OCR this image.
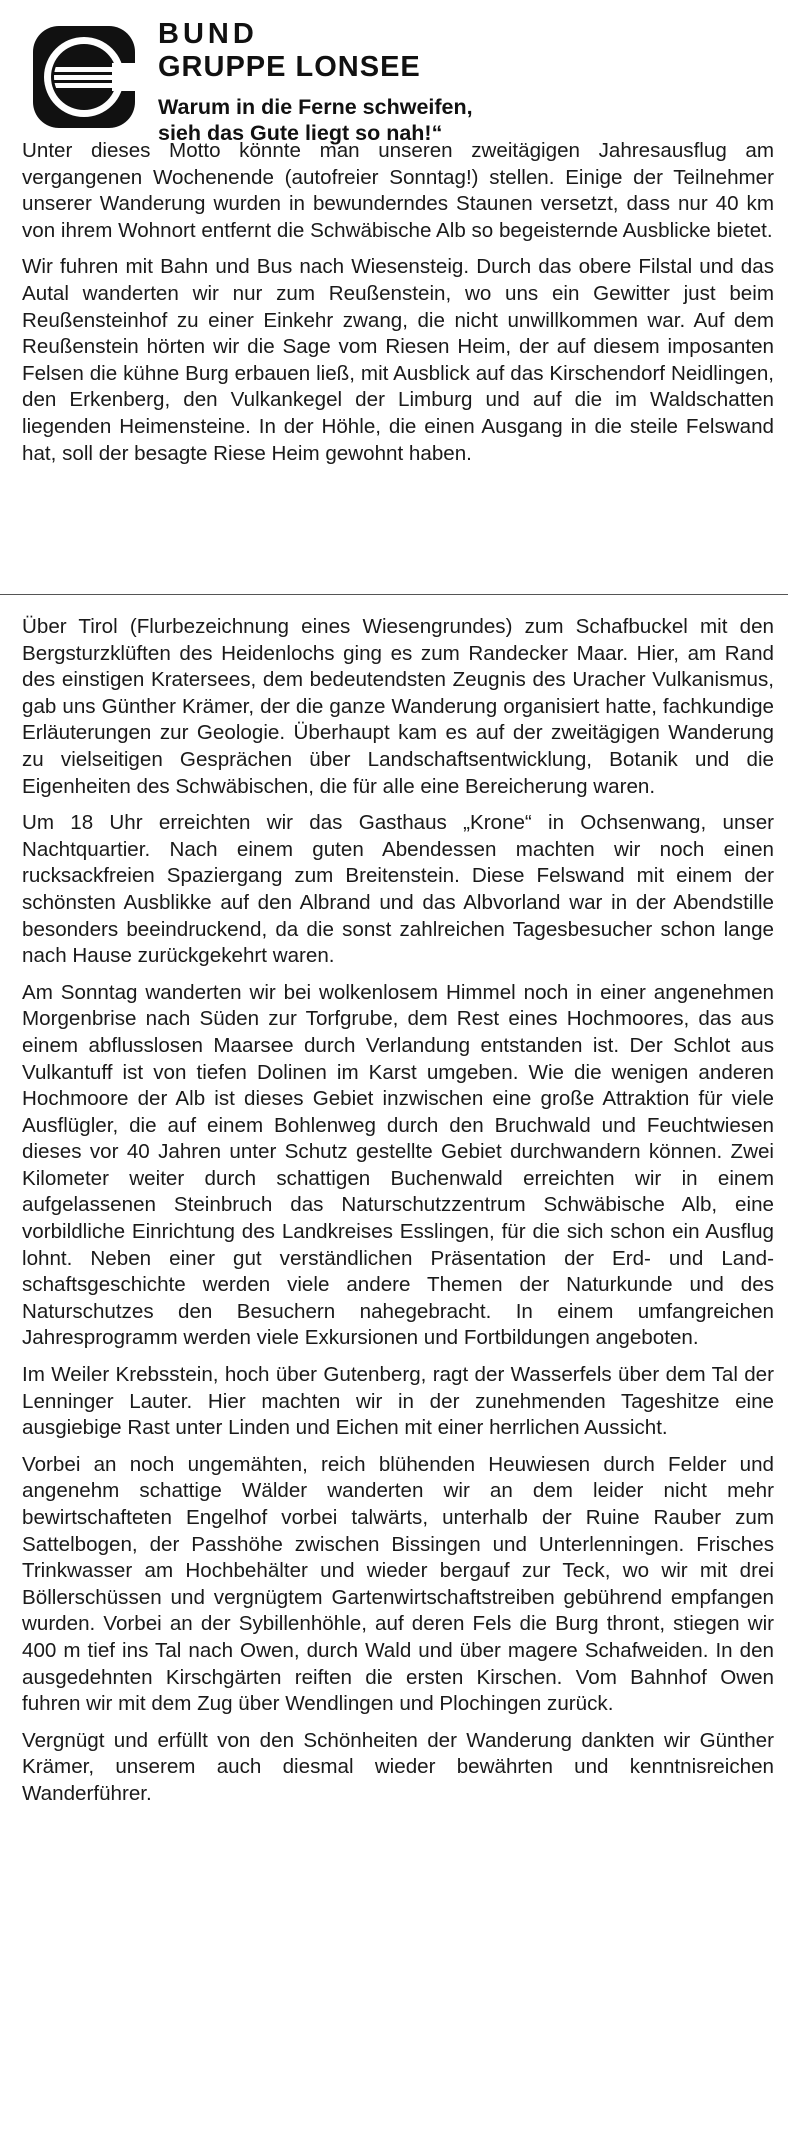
BUND
GRUPPE LONSEE
Warum in die Ferne schweifen,
sieh das Gute liegt so nah!“

Unter dieses Motto könnte man unseren zweitägigen Jahresausflug am vergangenen Wochenende (autofreier Sonntag!) stellen. Einige der Teilnehmer unserer Wanderung wurden in bewunderndes Staunen versetzt, dass nur 40 km von ihrem Wohnort entfernt die Schwäbische Alb so begeisternde Ausblicke bietet.

Wir fuhren mit Bahn und Bus nach Wiesensteig. Durch das obere Filstal und das Autal wanderten wir nur zum Reußenstein, wo uns ein Gewitter just beim Reußensteinhof zu einer Einkehr zwang, die nicht unwillkommen war. Auf dem Reußenstein hörten wir die Sage vom Riesen Heim, der auf diesem imposanten Felsen die kühne Burg erbauen ließ, mit Ausblick auf das Kirschendorf Neidlingen, den Erkenberg, den Vulkankegel der Limburg und auf die im Waldschatten liegenden Heimensteine. In der Höhle, die einen Ausgang in die steile Felswand hat, soll der besagte Riese Heim gewohnt haben.

Über Tirol (Flurbezeichnung eines Wiesengrundes) zum Schafbuckel mit den Bergsturzklüften des Heidenlochs ging es zum Randecker Maar. Hier, am Rand des einstigen Kratersees, dem bedeutendsten Zeugnis des Uracher Vulkanismus, gab uns Günther Krämer, der die ganze Wanderung organisiert hatte, fachkundige Erläuterungen zur Geologie. Überhaupt kam es auf der zweitägigen Wanderung zu vielseitigen Gesprächen über Landschaftsentwicklung, Botanik und die Eigenheiten des Schwäbischen, die für alle eine Bereicherung waren.

Um 18 Uhr erreichten wir das Gasthaus „Krone“ in Ochsenwang, unser Nachtquartier. Nach einem guten Abendessen machten wir noch einen rucksackfreien Spaziergang zum Breitenstein. Diese Felswand mit einem der schönsten Ausblikke auf den Albrand und das Albvorland war in der Abendstille besonders beeindruckend, da die sonst zahlreichen Tagesbesucher schon lange nach Hause zurückgekehrt waren.

Am Sonntag wanderten wir bei wolkenlosem Himmel noch in einer angenehmen Morgenbrise nach Süden zur Torfgrube, dem Rest eines Hochmoores, das aus einem abflusslosen Maarsee durch Verlandung entstanden ist. Der Schlot aus Vulkantuff ist von tiefen Dolinen im Karst umgeben. Wie die wenigen anderen Hochmoore der Alb ist dieses Gebiet inzwischen eine große Attraktion für viele Ausflügler, die auf einem Bohlenweg durch den Bruchwald und Feuchtwiesen dieses vor 40 Jahren unter Schutz gestellte Gebiet durchwandern können. Zwei Kilometer weiter durch schattigen Buchenwald erreichten wir in einem aufgelassenen Steinbruch das Naturschutzzentrum Schwäbische Alb, eine vorbildliche Einrichtung des Landkreises Esslingen, für die sich schon ein Ausflug lohnt. Neben einer gut verständlichen Präsentation der Erd- und Landschaftsgeschichte werden viele andere Themen der Naturkunde und des Naturschutzes den Besuchern nahegebracht. In einem umfangreichen Jahresprogramm werden viele Exkursionen und Fortbildungen angeboten.

Im Weiler Krebsstein, hoch über Gutenberg, ragt der Wasserfels über dem Tal der Lenninger Lauter. Hier machten wir in der zunehmenden Tageshitze eine ausgiebige Rast unter Linden und Eichen mit einer herrlichen Aussicht.

Vorbei an noch ungemähten, reich blühenden Heuwiesen durch Felder und angenehm schattige Wälder wanderten wir an dem leider nicht mehr bewirtschafteten Engelhof vorbei talwärts, unterhalb der Ruine Rauber zum Sattelbogen, der Passhöhe zwischen Bissingen und Unterlenningen. Frisches Trinkwasser am Hochbehälter und wieder bergauf zur Teck, wo wir mit drei Böllerschüssen und vergnügtem Gartenwirtschaftstreiben gebührend empfangen wurden. Vorbei an der Sybillenhöhle, auf deren Fels die Burg thront, stiegen wir 400 m tief ins Tal nach Owen, durch Wald und über magere Schafweiden. In den ausgedehnten Kirschgärten reiften die ersten Kirschen. Vom Bahnhof Owen fuhren wir mit dem Zug über Wendlingen und Plochingen zurück.

Vergnügt und erfüllt von den Schönheiten der Wanderung dankten wir Günther Krämer, unserem auch diesmal wieder bewährten und kenntnisreichen Wanderführer.
